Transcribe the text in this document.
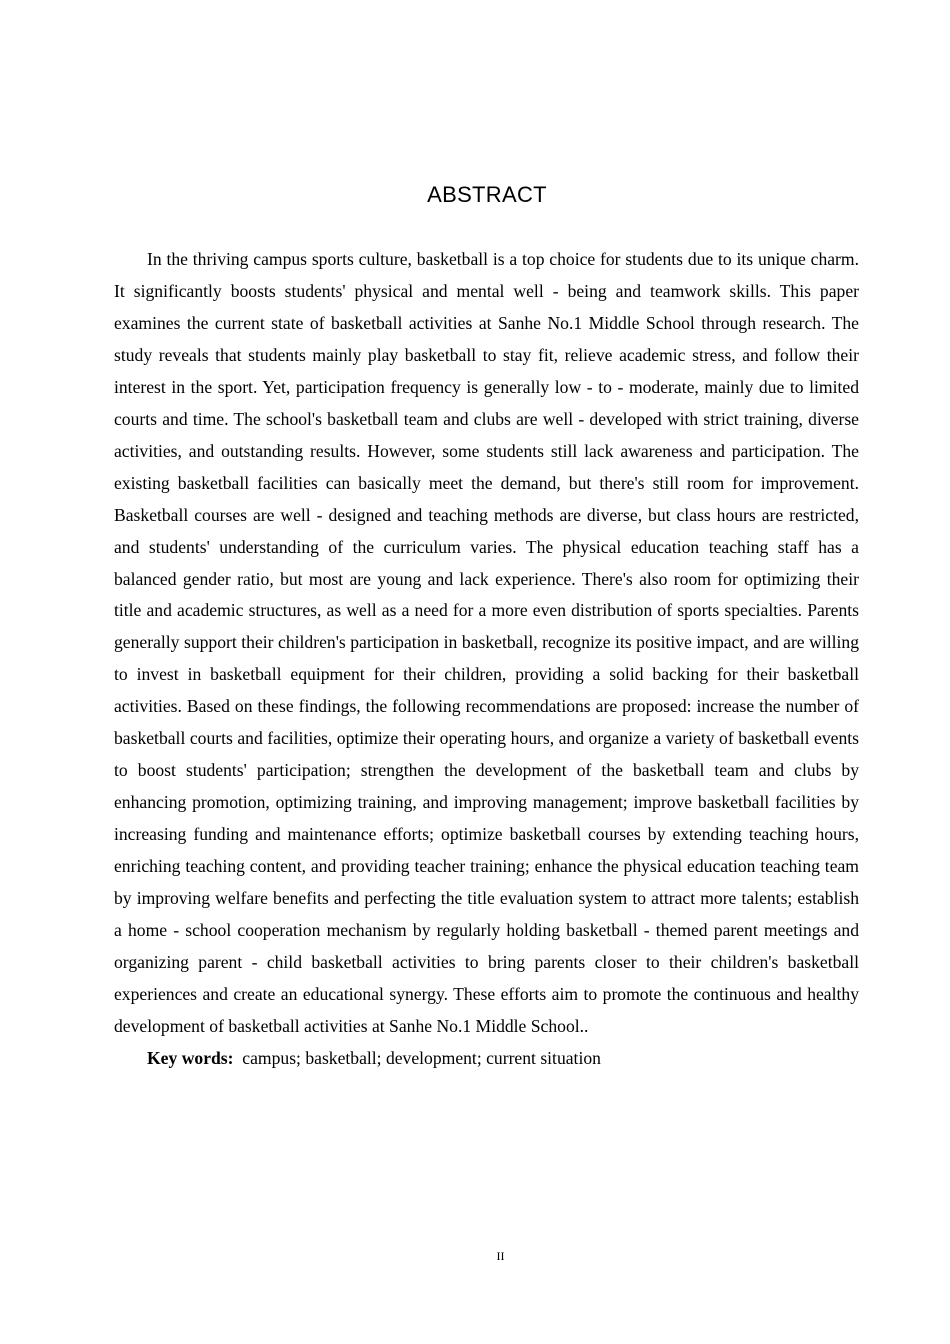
ABSTRACT

In the thriving campus sports culture, basketball is a top choice for students due to its unique charm. It significantly boosts students' physical and mental well - being and teamwork skills. This paper examines the current state of basketball activities at Sanhe No.1 Middle School through research. The study reveals that students mainly play basketball to stay fit, relieve academic stress, and follow their interest in the sport. Yet, participation frequency is generally low - to - moderate, mainly due to limited courts and time. The school's basketball team and clubs are well - developed with strict training, diverse activities, and outstanding results. However, some students still lack awareness and participation. The existing basketball facilities can basically meet the demand, but there's still room for improvement. Basketball courses are well - designed and teaching methods are diverse, but class hours are restricted, and students' understanding of the curriculum varies. The physical education teaching staff has a balanced gender ratio, but most are young and lack experience. There's also room for optimizing their title and academic structures, as well as a need for a more even distribution of sports specialties. Parents generally support their children's participation in basketball, recognize its positive impact, and are willing to invest in basketball equipment for their children, providing a solid backing for their basketball activities. Based on these findings, the following recommendations are proposed: increase the number of basketball courts and facilities, optimize their operating hours, and organize a variety of basketball events to boost students' participation; strengthen the development of the basketball team and clubs by enhancing promotion, optimizing training, and improving management; improve basketball facilities by increasing funding and maintenance efforts; optimize basketball courses by extending teaching hours, enriching teaching content, and providing teacher training; enhance the physical education teaching team by improving welfare benefits and perfecting the title evaluation system to attract more talents; establish a home - school cooperation mechanism by regularly holding basketball - themed parent meetings and organizing parent - child basketball activities to bring parents closer to their children's basketball experiences and create an educational synergy. These efforts aim to promote the continuous and healthy development of basketball activities at Sanhe No.1 Middle School..

Key words:  campus; basketball; development; current situation

II
